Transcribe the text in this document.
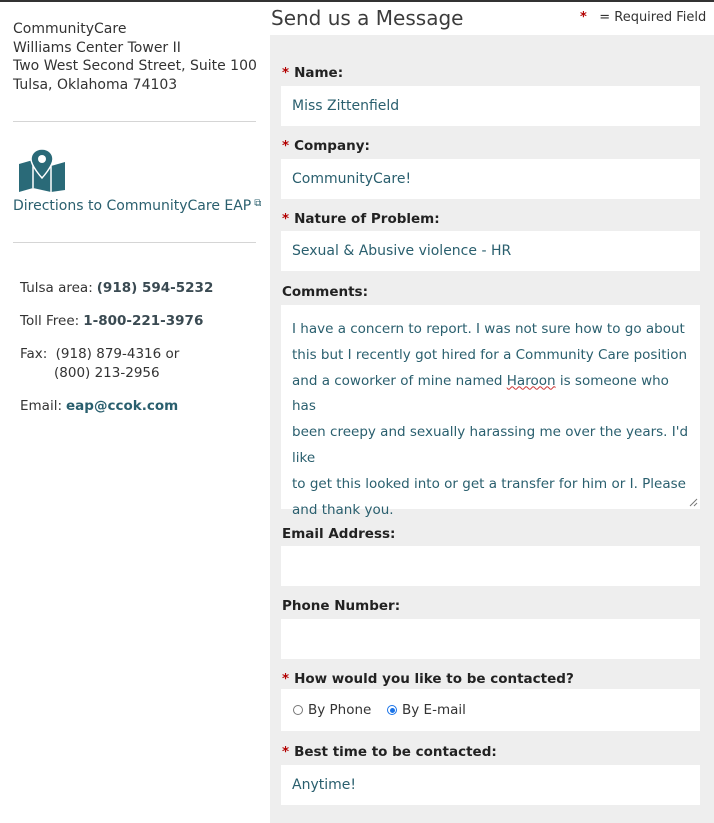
CommunityCare
Williams Center Tower II
Two West Second Street, Suite 100
Tulsa, Oklahoma 74103
Directions to CommunityCare EAP ⧉
Tulsa area: (918) 594-5232
Toll Free: 1-800-221-3976
Fax: (918) 879-4316 or
(800) 213-2956
Email: eap@ccok.com
Send us a Message	* = Required Field
* Name:
Miss Zittenfield
* Company:
CommunityCare!
* Nature of Problem:
Sexual & Abusive violence - HR
Comments:
I have a concern to report. I was not sure how to go about
this but I recently got hired for a Community Care position
and a coworker of mine named Haroon is someone who has
been creepy and sexually harassing me over the years. I'd like
to get this looked into or get a transfer for him or I. Please
and thank you.
Email Address:
Phone Number:
* How would you like to be contacted?
By Phone By E-mail
* Best time to be contacted:
Anytime!
